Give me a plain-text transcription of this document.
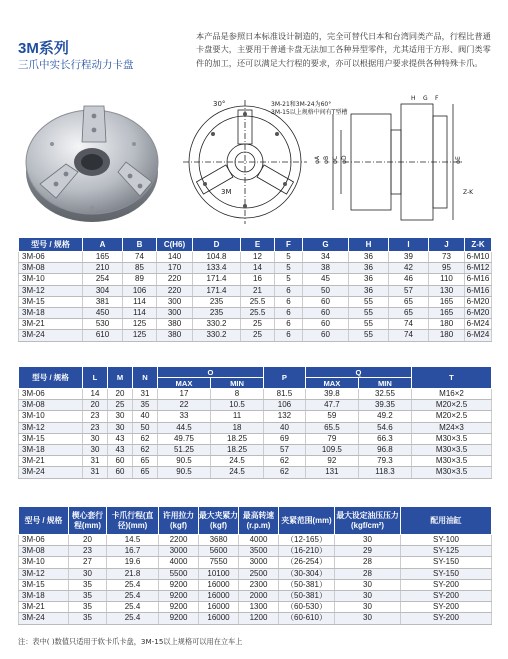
3M系列
三爪中实长行程动力卡盘
本产品是参照日本标准设计制造的，完全可替代日本和台湾同类产品，行程比普通卡盘要大，主要用于普通卡盘无法加工各种异型零件，尤其适用于方形、阀门类零件的加工，还可以满足大行程的要求，亦可以根据用户要求提供各种特殊卡爪。
30°	3M-21和3M-24为60°
3M-15以上规格中间有T型槽
3M
φA φB φC φD	φE
H G F
Z-K
型号 / 规格	A	B	C(H6)	D	E	F	G	H	I	J	Z-K
3M-06	165	74	140	104.8	12	5	34	36	39	73	6-M10
3M-08	210	85	170	133.4	14	5	38	36	42	95	6-M12
3M-10	254	89	220	171.4	16	5	45	36	46	110	6-M16
3M-12	304	106	220	171.4	21	6	50	36	57	130	6-M16
3M-15	381	114	300	235	25.5	6	60	55	65	165	6-M20
3M-18	450	114	300	235	25.5	6	60	55	65	165	6-M20
3M-21	530	125	380	330.2	25	6	60	55	74	180	6-M24
3M-24	610	125	380	330.2	25	6	60	55	74	180	6-M24
型号 / 规格	L	M	N	O		P	Q		T
				MAX	MIN		MAX	MIN	
3M-06	14	20	31	17	8	81.5	39.8	32.55	M16×2
3M-08	20	25	35	22	10.5	106	47.7	39.35	M20×2.5
3M-10	23	30	40	33	11	132	59	49.2	M20×2.5
3M-12	23	30	50	44.5	18	40	65.5	54.6	M24×3
3M-15	30	43	62	49.75	18.25	69	79	66.3	M30×3.5
3M-18	30	43	62	51.25	18.25	57	109.5	96.8	M30×3.5
3M-21	31	60	65	90.5	24.5	62	92	79.3	M30×3.5
3M-24	31	60	65	90.5	24.5	62	131	118.3	M30×3.5
型号 / 规格	楔心套行程(mm)	卡爪行程(直径)(mm)	许用拉力(kgf)	最大夹紧力(kgf)	最高转速(r.p.m)	夹紧范围(mm)	最大设定油压压力 (kgf/cm²)	配用油缸
3M-06	20	14.5	2200	3680	4000	（12-165）	30	SY-100
3M-08	23	16.7	3000	5600	3500	（16-210）	29	SY-125
3M-10	27	19.6	4000	7550	3000	（26-254）	28	SY-150
3M-12	30	21.8	5500	10100	2500	（30-304）	28	SY-150
3M-15	35	25.4	9200	16000	2300	（50-381）	30	SY-200
3M-18	35	25.4	9200	16000	2000	（50-381）	30	SY-200
3M-21	35	25.4	9200	16000	1300	（60-530）	30	SY-200
3M-24	35	25.4	9200	16000	1200	（60-610）	30	SY-200
注：表中( )数值只适用于软卡爪卡盘，3M-15以上规格可以用在立车上
